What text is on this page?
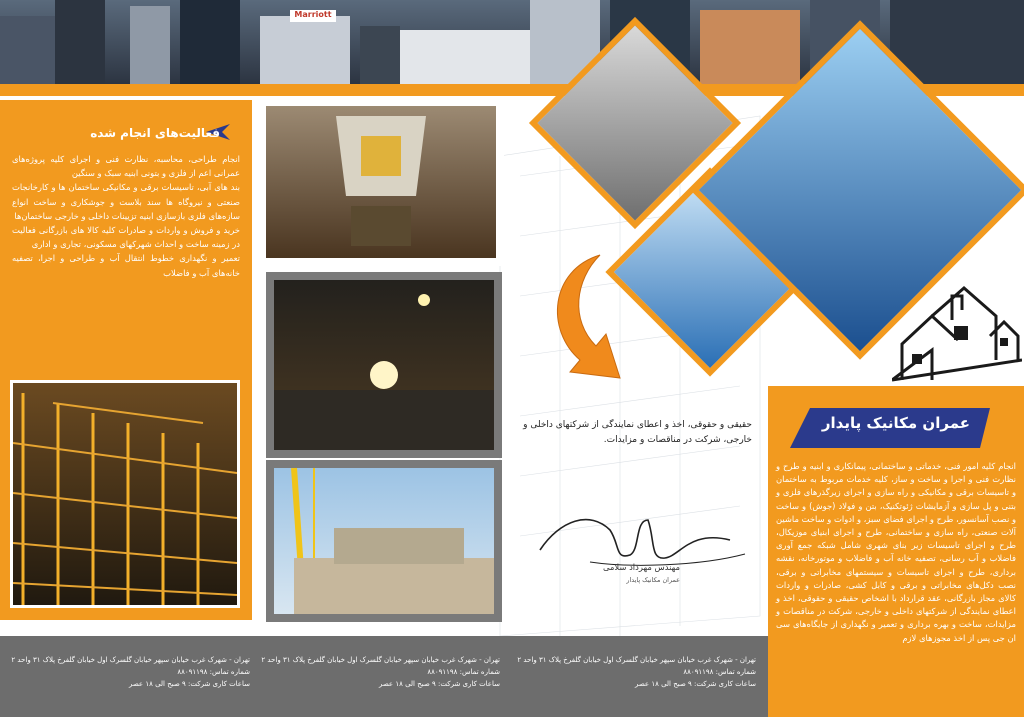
Marriott
فعالیت‌های انجام شده

انجام طراحی، محاسبه، نظارت فنی و اجرای کلیه پروژه‌های عمرانی اعم از فلزی و بتونی ابنیه سبک و سنگین

بند های آبی، تاسیسات برقی و مکانیکی ساختمان ها و کارخانجات صنعتی و نیروگاه ها سند بلاست و جوشکاری و ساخت انواع سازه‌های فلزی بازسازی ابنیه تزیینات داخلی و خارجی ساختمان‌ها

خرید و فروش و واردات و صادرات کلیه کالا های بازرگانی فعالیت در زمینه ساخت و احداث شهرکهای مسکونی، تجاری و اداری

تعمیر و نگهداری خطوط انتقال آب و طراحی و اجرا، تصفیه خانه‌های آب و فاضلاب

حقیقی و حقوقی، اخذ و اعطای نمایندگی از شرکتهای داخلی و خارجی، شرکت در مناقصات و مزایدات.
مهندس مهرداد سلامی
عمران مکانیک پایدار
عمران مکانیک پایدار
انجام کلیه امور فنی، خدماتی و ساختمانی، پیمانکاری و ابنیه و طرح و نظارت فنی و اجرا و ساخت و ساز، کلیه خدمات مربوط به ساختمان و تاسیسات برقی و مکانیکی و راه سازی و اجرای زیرگذرهای فلزی و بتنی و پل سازی و آزمایشات ژئوتکنیک، بتن و فولاد (جوش) و ساخت و نصب آسانسور، طرح و اجرای فضای سبز، و ادوات و ساخت ماشین آلات صنعتی، راه سازی و ساختمانی، طرح و اجرای ابنیای موزیکال، طرح و اجرای تاسیسات زیر بنای شهری شامل شبکه جمع آوری فاضلاب و آب رسانی، تصفیه خانه آب و فاضلاب و موتورخانه، نقشه برداری، طرح و اجرای تاسیسات و سیستمهای مخابراتی و برقی، نصب دکل‌های مخابراتی و برقی و کابل کشی، صادرات و واردات کالای مجاز بازرگانی، عقد قرارداد با اشخاص حقیقی و حقوقی، اخذ و اعطای نمایندگی از شرکتهای داخلی و خارجی، شرکت در مناقصات و مزایدات، ساخت و بهره برداری و تعمیر و نگهداری از جایگاه‌های سی ان جی پس از اخذ مجوزهای لازم
تهران - شهرک غرب خیابان سپهر خیابان گلسرک اول خیابان گلفرخ پلاک ۳۱ واحد ۲
شماره تماس: ۸۸۰۹۱۱۹۸
ساعات کاری شرکت: ۹ صبح الی ۱۸ عصر
تهران - شهرک غرب خیابان سپهر خیابان گلسرک اول خیابان گلفرخ پلاک ۳۱ واحد ۲
شماره تماس: ۸۸۰۹۱۱۹۸
ساعات کاری شرکت: ۹ صبح الی ۱۸ عصر
تهران - شهرک غرب خیابان سپهر خیابان گلسرک اول خیابان گلفرخ پلاک ۳۱ واحد ۲
شماره تماس: ۸۸۰۹۱۱۹۸
ساعات کاری شرکت: ۹ صبح الی ۱۸ عصر
